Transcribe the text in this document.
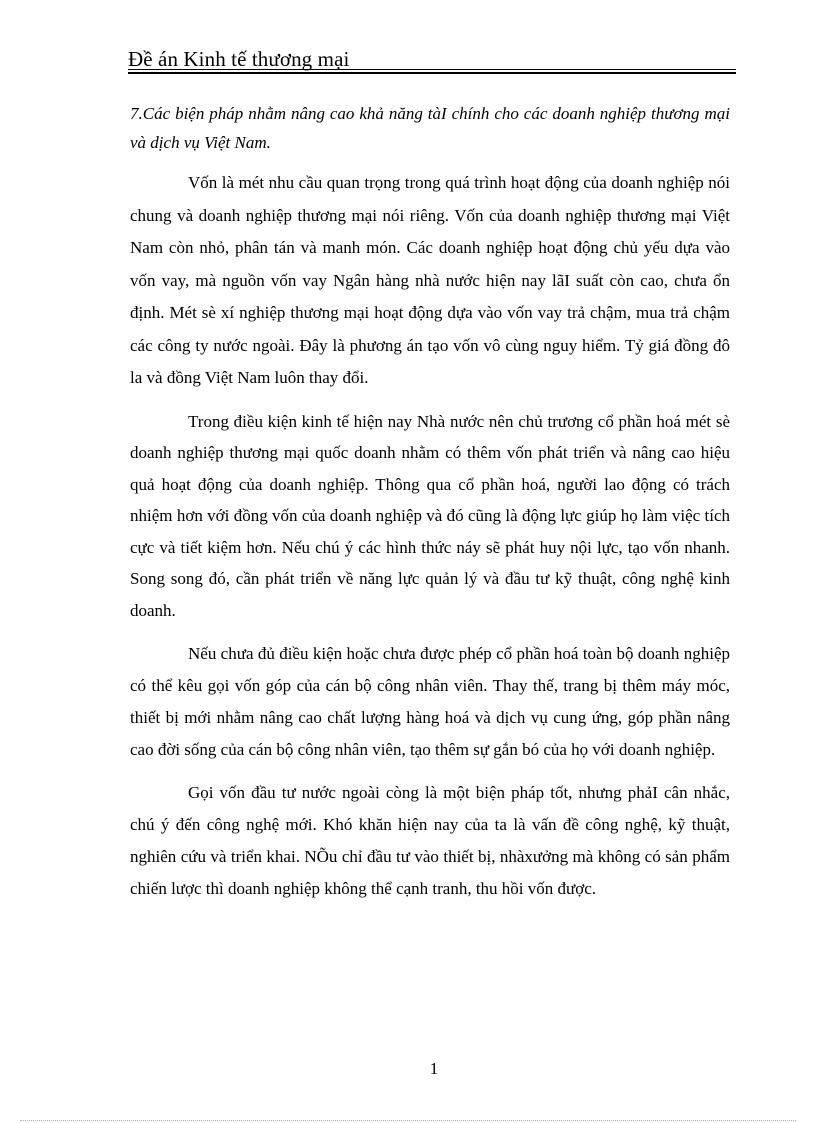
Đề án Kinh tế thương mại

7.Các biện pháp nhằm nâng cao khả năng tàI chính cho các doanh nghiệp thương mại và dịch vụ Việt Nam.

Vốn là mét nhu cầu quan trọng trong quá trình hoạt động của doanh nghiệp nói chung và doanh nghiệp thương mại nói riêng. Vốn của doanh nghiệp thương mại Việt Nam còn nhỏ, phân tán và manh món. Các doanh nghiệp hoạt động chủ yếu dựa vào vốn vay, mà nguồn vốn vay Ngân hàng nhà nước hiện nay lãI suất còn cao, chưa ổn định. Mét sè xí nghiệp thương mại hoạt động dựa vào vốn vay trả chậm, mua trả chậm các công ty nước ngoài. Đây là phương án tạo vốn vô cùng nguy hiểm. Tỷ giá đồng đô la và đồng Việt Nam luôn thay đổi.

Trong điều kiện kinh tế hiện nay Nhà nước nên chủ trương cổ phần hoá mét sè doanh nghiệp thương mại quốc doanh nhằm có thêm vốn phát triển và nâng cao hiệu quả hoạt động của doanh nghiệp. Thông qua cổ phần hoá, người lao động có trách nhiệm hơn với đồng vốn của doanh nghiệp và đó cũng là động lực giúp họ làm việc tích cực và tiết kiệm hơn. Nếu chú ý các hình thức náy sẽ phát huy nội lực, tạo vốn nhanh. Song song đó, cần phát triển về năng lực quản lý và đầu tư kỹ thuật, công nghệ kinh doanh.

Nếu chưa đủ điều kiện hoặc chưa được phép cổ phần hoá toàn bộ doanh nghiệp có thể kêu gọi vốn góp của cán bộ công nhân viên. Thay thế, trang bị thêm máy móc, thiết bị mới nhằm nâng cao chất lượng hàng hoá và dịch vụ cung ứng, góp phần nâng cao đời sống của cán bộ công nhân viên, tạo thêm sự gắn bó của họ với doanh nghiệp.

Gọi vốn đầu tư nước ngoài còng là một biện pháp tốt, nhưng phảI cân nhắc, chú ý đến công nghệ mới. Khó khăn hiện nay của ta là vấn đề công nghệ, kỹ thuật, nghiên cứu và triển khai. NÕu chỉ đầu tư vào thiết bị, nhàxưởng mà không có sản phẩm chiến lược thì doanh nghiệp không thể cạnh tranh, thu hồi vốn được.

1
